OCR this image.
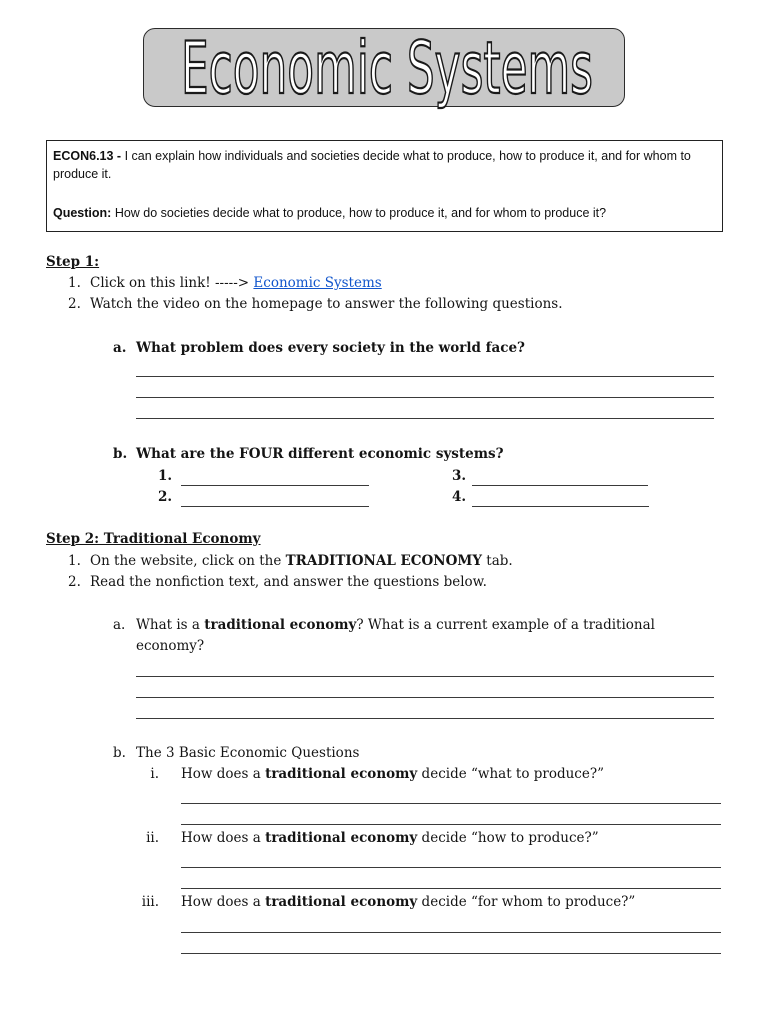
Economic Systems

ECON6.13 - I can explain how individuals and societies decide what to produce, how to produce it, and for whom to produce it.

Question: How do societies decide what to produce, how to produce it, and for whom to produce it?

Step 1:
1. Click on this link! -----> Economic Systems
2. Watch the video on the homepage to answer the following questions.
a. What problem does every society in the world face?
b. What are the FOUR different economic systems?
1.	3.
2.	4.
Step 2: Traditional Economy
1. On the website, click on the TRADITIONAL ECONOMY tab.
2. Read the nonfiction text, and answer the questions below.
a. What is a traditional economy? What is a current example of a traditional economy?
b. The 3 Basic Economic Questions
i. How does a traditional economy decide “what to produce?”
ii. How does a traditional economy decide “how to produce?”
iii. How does a traditional economy decide “for whom to produce?”
